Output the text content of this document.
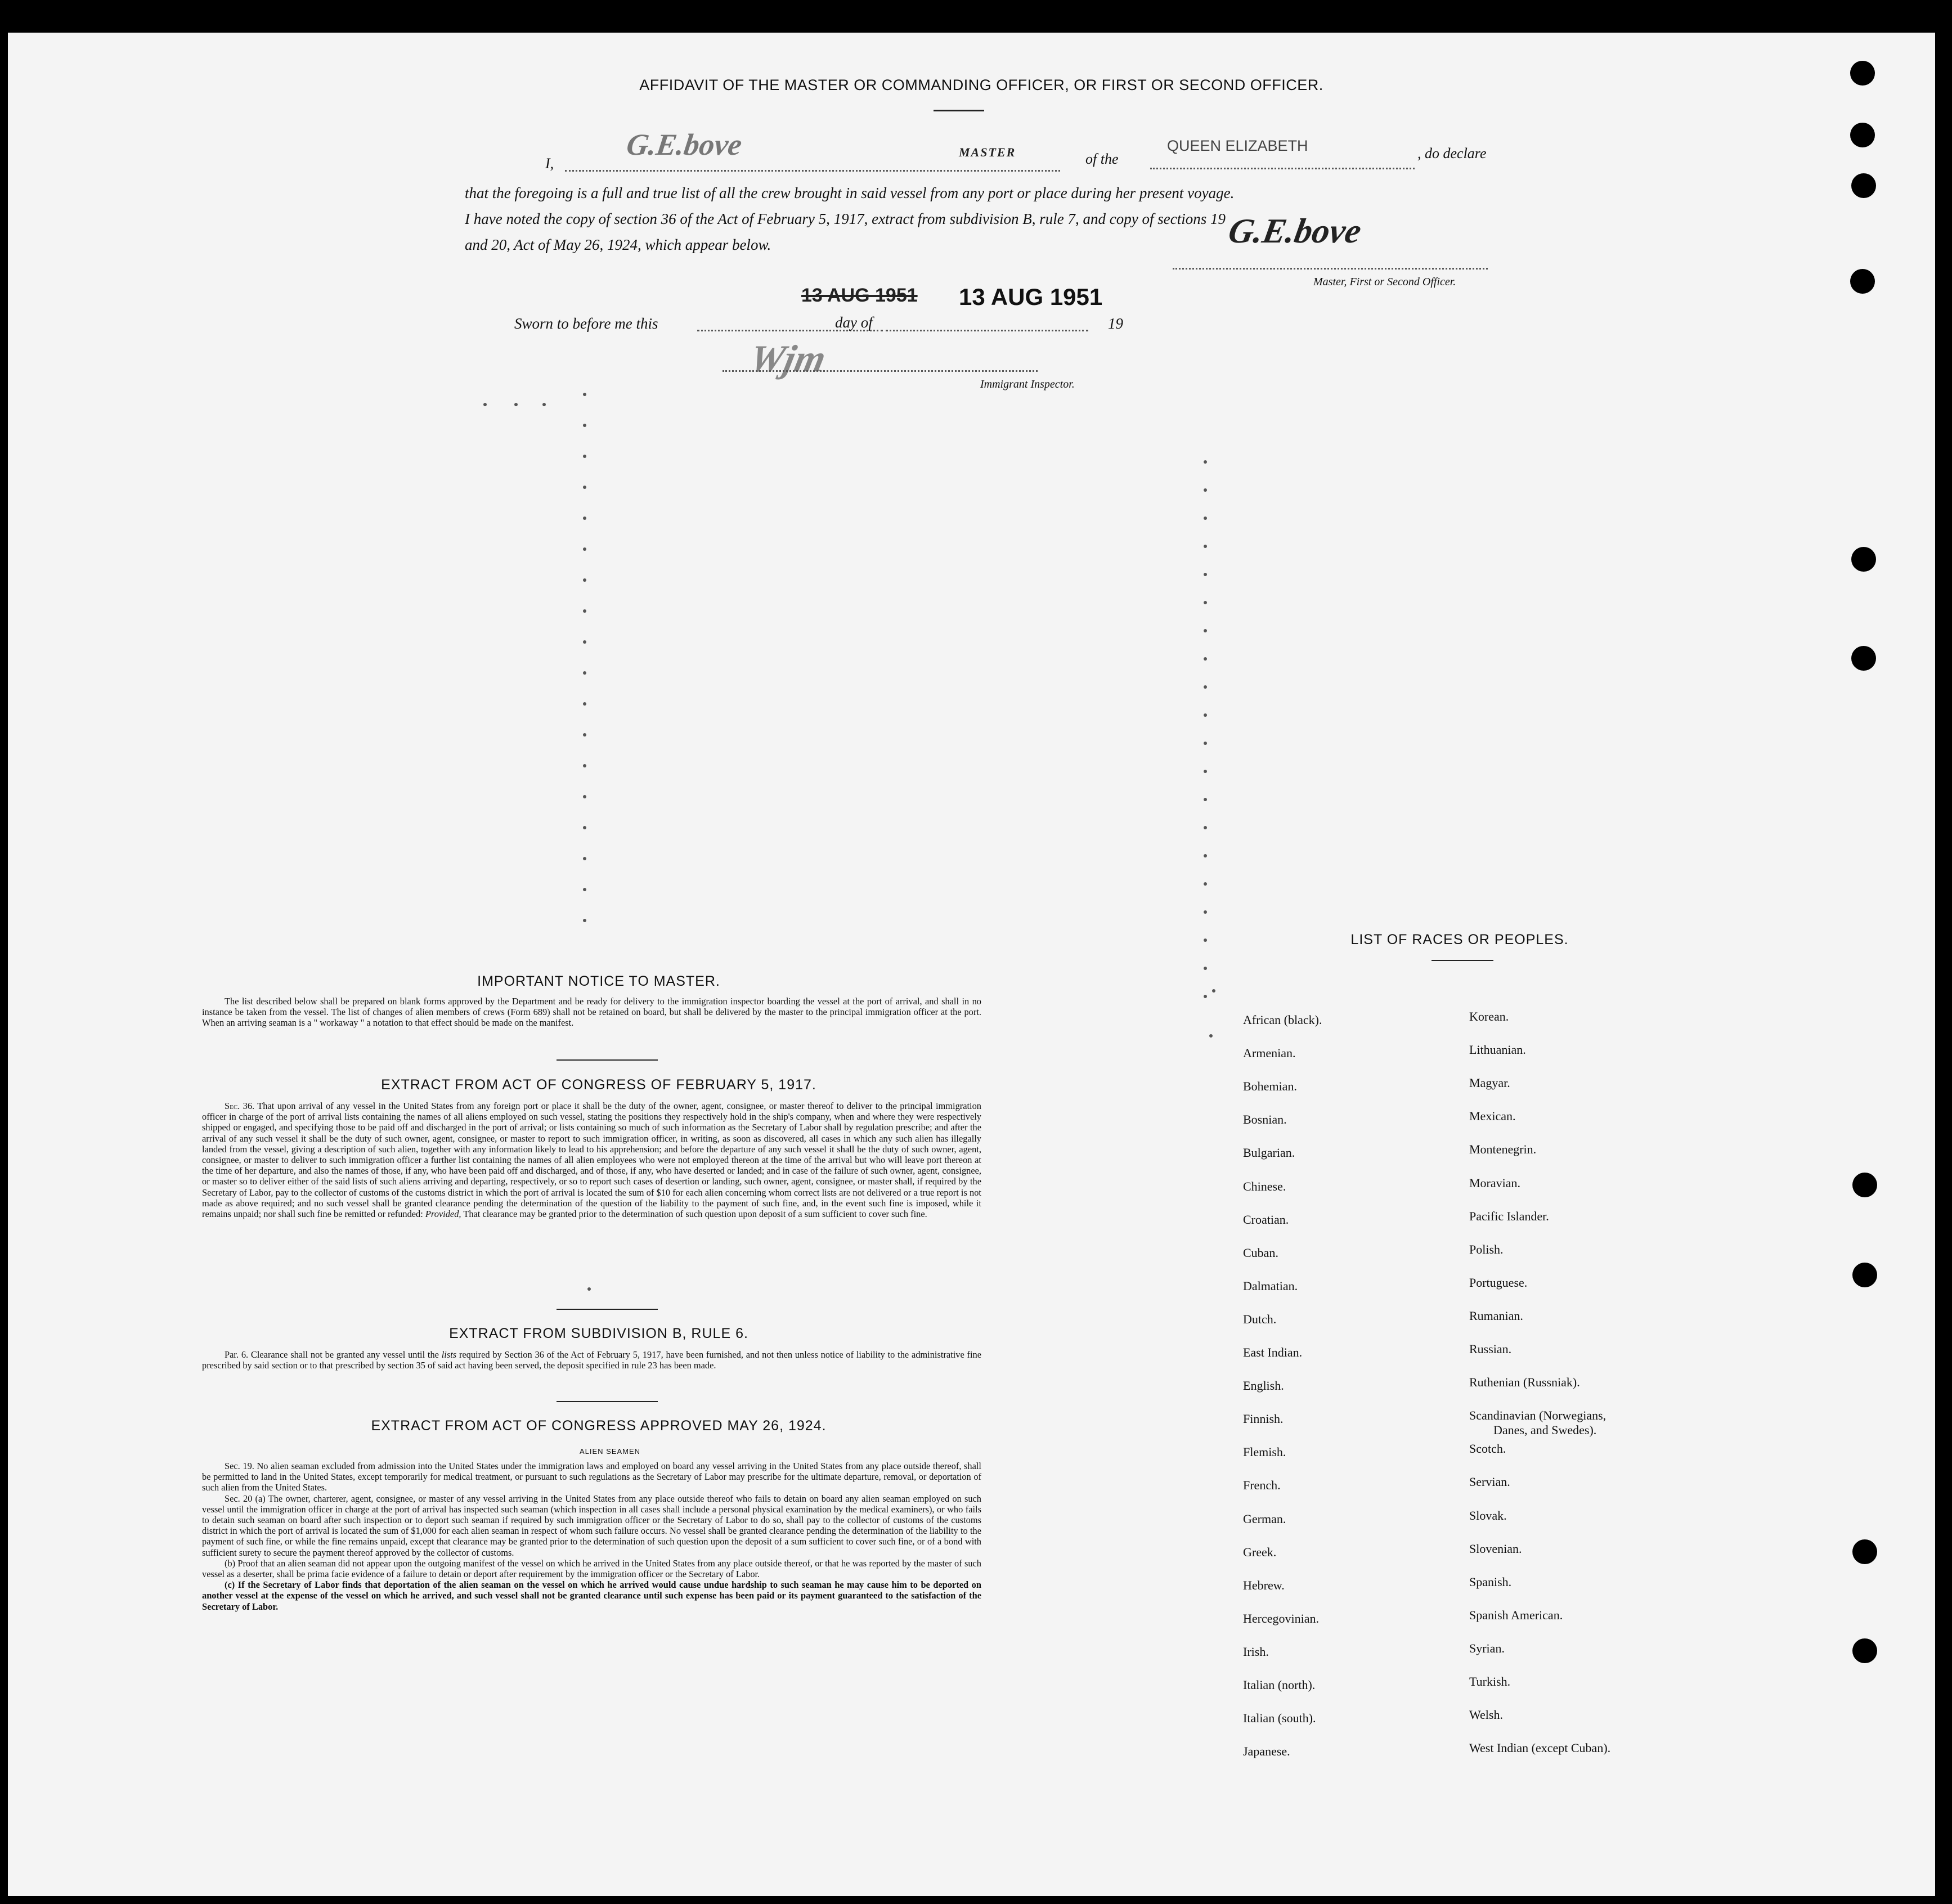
AFFIDAVIT OF THE MASTER OR COMMANDING OFFICER, OR FIRST OR SECOND OFFICER.
I,
G.E.bove	MASTER	of the
QUEEN ELIZABETH	, do declare
that the foregoing is a full and true list of all the crew brought in said vessel from any port or place during her present voyage.
I have noted the copy of section 36 of the Act of February 5, 1917, extract from subdivision B, rule 7, and copy of sections 19
and 20, Act of May 26, 1924, which appear below.	G.E.bove
Master, First or Second Officer.
13 AUG 1951 13 AUG 1951
Sworn to before me this	day of	19
Wjm
Immigrant Inspector.
IMPORTANT NOTICE TO MASTER.

The list described below shall be prepared on blank forms approved by the Department and be ready for delivery to the immigration inspector boarding the vessel at the port of arrival, and shall in no instance be taken from the vessel. The list of changes of alien members of crews (Form 689) shall not be retained on board, but shall be delivered by the master to the principal immigration officer at the port. When an arriving seaman is a " workaway " a notation to that effect should be made on the manifest.

EXTRACT FROM ACT OF CONGRESS OF FEBRUARY 5, 1917.

Sec. 36. That upon arrival of any vessel in the United States from any foreign port or place it shall be the duty of the owner, agent, consignee, or master thereof to deliver to the principal immigration officer in charge of the port of arrival lists containing the names of all aliens employed on such vessel, stating the positions they respectively hold in the ship's company, when and where they were respectively shipped or engaged, and specifying those to be paid off and discharged in the port of arrival; or lists containing so much of such information as the Secretary of Labor shall by regulation prescribe; and after the arrival of any such vessel it shall be the duty of such owner, agent, consignee, or master to report to such immigration officer, in writing, as soon as discovered, all cases in which any such alien has illegally landed from the vessel, giving a description of such alien, together with any information likely to lead to his apprehension; and before the departure of any such vessel it shall be the duty of such owner, agent, consignee, or master to deliver to such immigration officer a further list containing the names of all alien employees who were not employed thereon at the time of the arrival but who will leave port thereon at the time of her departure, and also the names of those, if any, who have been paid off and discharged, and of those, if any, who have deserted or landed; and in case of the failure of such owner, agent, consignee, or master so to deliver either of the said lists of such aliens arriving and departing, respectively, or so to report such cases of desertion or landing, such owner, agent, consignee, or master shall, if required by the Secretary of Labor, pay to the collector of customs of the customs district in which the port of arrival is located the sum of $10 for each alien concerning whom correct lists are not delivered or a true report is not made as above required; and no such vessel shall be granted clearance pending the determination of the question of the liability to the payment of such fine, and, in the event such fine is imposed, while it remains unpaid; nor shall such fine be remitted or refunded: Provided, That clearance may be granted prior to the determination of such question upon deposit of a sum sufficient to cover such fine.

EXTRACT FROM SUBDIVISION B, RULE 6.

Par. 6. Clearance shall not be granted any vessel until the lists required by Section 36 of the Act of February 5, 1917, have been furnished, and not then unless notice of liability to the administrative fine prescribed by said section or to that prescribed by section 35 of said act having been served, the deposit specified in rule 23 has been made.

EXTRACT FROM ACT OF CONGRESS APPROVED MAY 26, 1924.
ALIEN SEAMEN

Sec. 19. No alien seaman excluded from admission into the United States under the immigration laws and employed on board any vessel arriving in the United States from any place outside thereof, shall be permitted to land in the United States, except temporarily for medical treatment, or pursuant to such regulations as the Secretary of Labor may prescribe for the ultimate departure, removal, or deportation of such alien from the United States.

Sec. 20 (a) The owner, charterer, agent, consignee, or master of any vessel arriving in the United States from any place outside thereof who fails to detain on board any alien seaman employed on such vessel until the immigration officer in charge at the port of arrival has inspected such seaman (which inspection in all cases shall include a personal physical examination by the medical examiners), or who fails to detain such seaman on board after such inspection or to deport such seaman if required by such immigration officer or the Secretary of Labor to do so, shall pay to the collector of customs of the customs district in which the port of arrival is located the sum of $1,000 for each alien seaman in respect of whom such failure occurs. No vessel shall be granted clearance pending the determination of the liability to the payment of such fine, or while the fine remains unpaid, except that clearance may be granted prior to the determination of such question upon the deposit of a sum sufficient to cover such fine, or of a bond with sufficient surety to secure the payment thereof approved by the collector of customs.

(b) Proof that an alien seaman did not appear upon the outgoing manifest of the vessel on which he arrived in the United States from any place outside thereof, or that he was reported by the master of such vessel as a deserter, shall be prima facie evidence of a failure to detain or deport after requirement by the immigration officer or the Secretary of Labor.

(c) If the Secretary of Labor finds that deportation of the alien seaman on the vessel on which he arrived would cause undue hardship to such seaman he may cause him to be deported on another vessel at the expense of the vessel on which he arrived, and such vessel shall not be granted clearance until such expense has been paid or its payment guaranteed to the satisfaction of the Secretary of Labor.

LIST OF RACES OR PEOPLES.
African (black).
Armenian.
Bohemian.
Bosnian.
Bulgarian.
Chinese.
Croatian.
Cuban.
Dalmatian.
Dutch.
East Indian.
English.
Finnish.
Flemish.
French.
German.
Greek.
Hebrew.
Hercegovinian.
Irish.
Italian (north).
Italian (south).
Japanese.
Korean.
Lithuanian.
Magyar.
Mexican.
Montenegrin.
Moravian.
Pacific Islander.
Polish.
Portuguese.
Rumanian.
Russian.
Ruthenian (Russniak).
Scandinavian (Norwegians,
Scotch.
Servian.
Slovak.
Slovenian.
Spanish.
Spanish American.
Syrian.
Turkish.
Welsh.
West Indian (except Cuban).
Danes, and Swedes).
